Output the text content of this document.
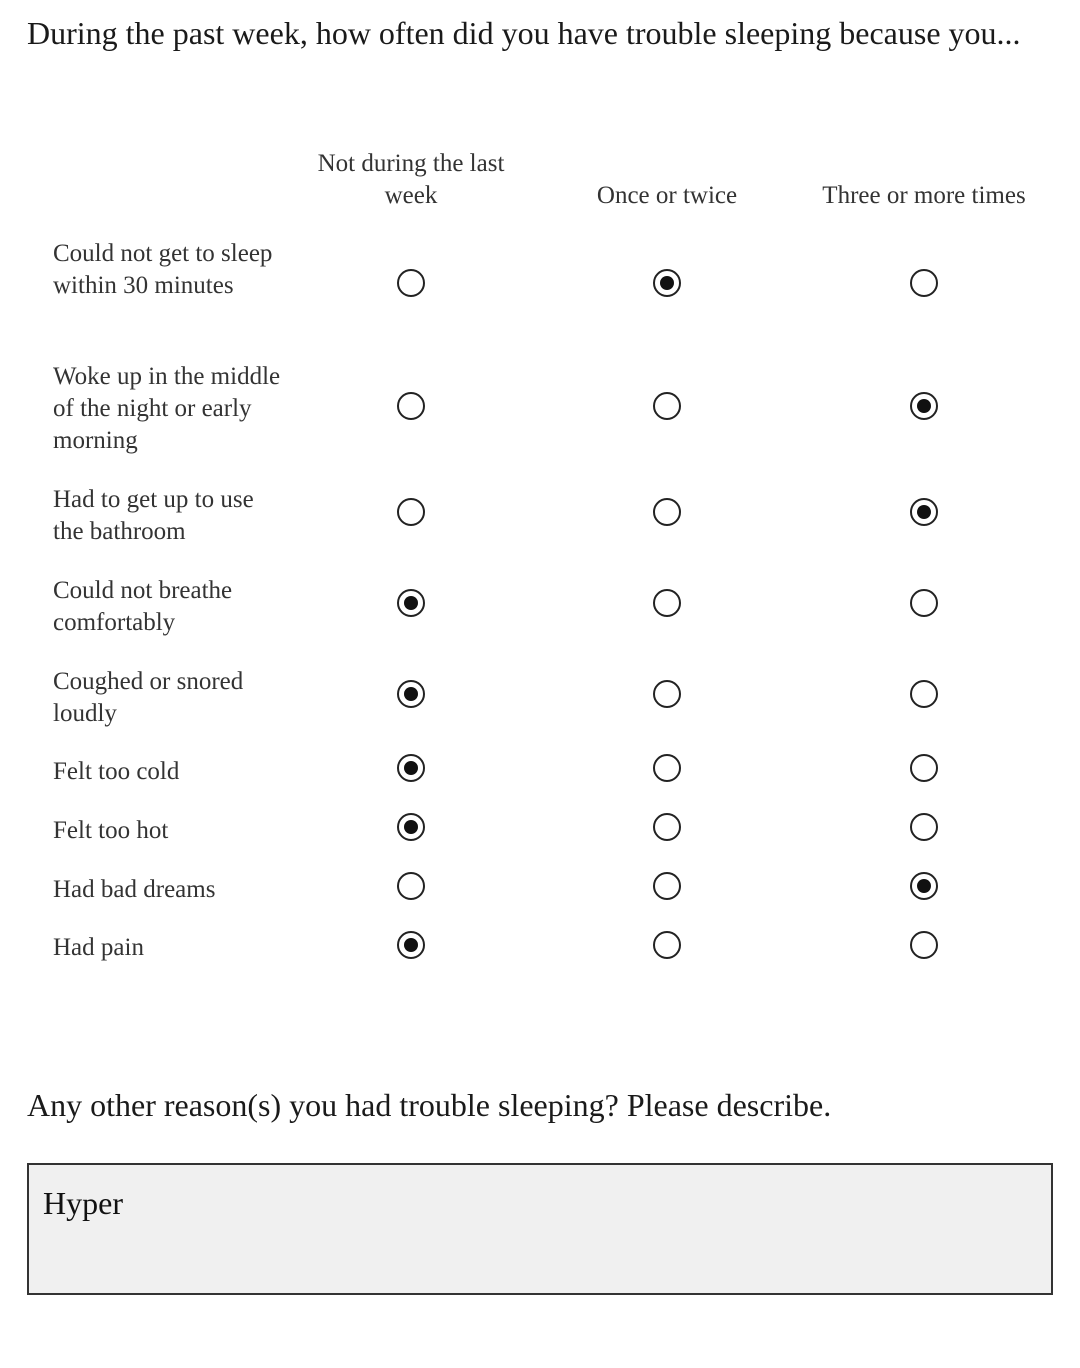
During the past week, how often did you have trouble sleeping because you...
Not during the last week	Once or twice	Three or more times
Could not get to sleep within 30 minutes
Woke up in the middle of the night or early morning
Had to get up to use the bathroom
Could not breathe comfortably
Coughed or snored loudly
Felt too cold
Felt too hot
Had bad dreams
Had pain
Any other reason(s) you had trouble sleeping? Please describe.
Hyper
